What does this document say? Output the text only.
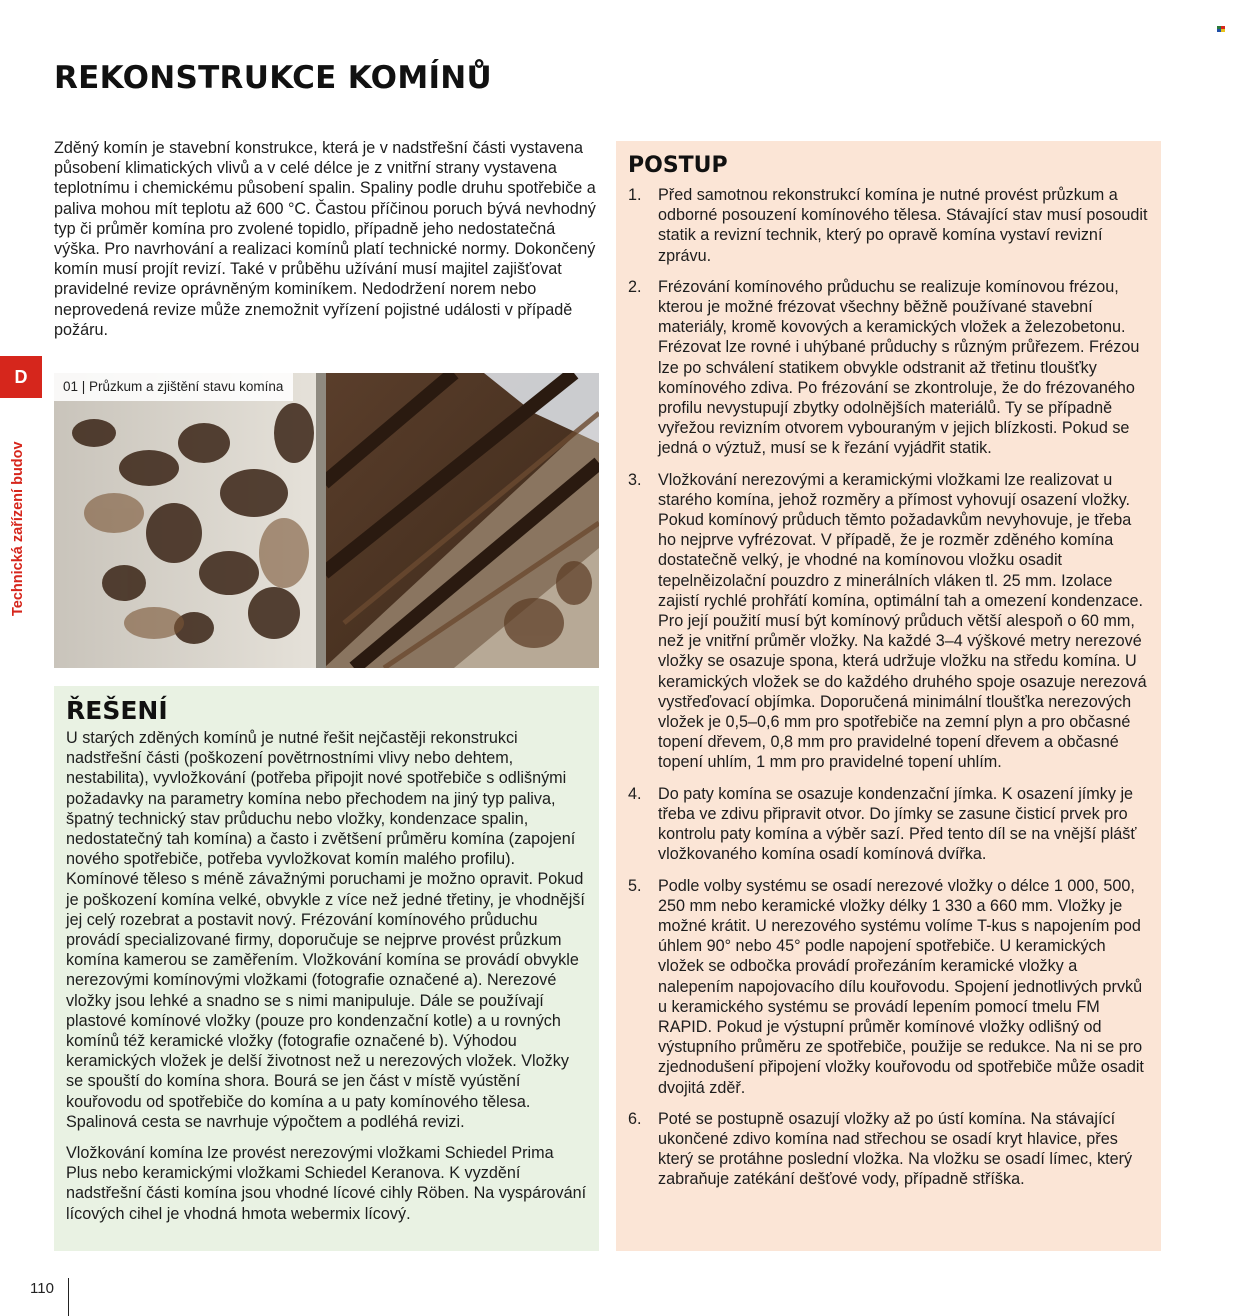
REKONSTRUKCE KOMÍNŮ

Zděný komín je stavební konstrukce, která je v nadstřešní části vystavena působení klimatických vlivů a v celé délce je z vnitřní strany vystavena teplotnímu i chemickému působení spalin. Spaliny podle druhu spotřebiče a paliva mohou mít teplotu až 600 °C. Častou příčinou poruch bývá nevhodný typ či průměr komína pro zvolené topidlo, případně jeho nedostatečná výška. Pro navrhování a realizaci komínů platí technické normy. Dokončený komín musí projít revizí. Také v průběhu užívání musí majitel zajišťovat pravidelné revize oprávněným kominíkem. Nedodržení norem nebo neprovedená revize může znemožnit vyřízení pojistné události v případě požáru.

D
Technická zařízení budov
01 | Průzkum a zjištění stavu komína
ŘEŠENÍ

U starých zděných komínů je nutné řešit nejčastěji rekonstrukci nadstřešní části (poškození povětrnostními vlivy nebo dehtem, nestabilita), vyvložkování (potřeba připojit nové spotřebiče s odlišnými požadavky na parametry komína nebo přechodem na jiný typ paliva, špatný technický stav průduchu nebo vložky, kondenzace spalin, nedostatečný tah komína) a často i zvětšení průměru komína (zapojení nového spotřebiče, potřeba vyvložkovat komín malého profilu). Komínové těleso s méně závažnými poruchami je možno opravit. Pokud je poškození komína velké, obvykle z více než jedné třetiny, je vhodnější jej celý rozebrat a postavit nový. Frézování komínového průduchu provádí specializované firmy, doporučuje se nejprve provést průzkum komína kamerou se zaměřením. Vložkování komína se provádí obvykle nerezovými komínovými vložkami (fotografie označené a). Nerezové vložky jsou lehké a snadno se s nimi manipuluje. Dále se používají plastové komínové vložky (pouze pro kondenzační kotle) a u rovných komínů též keramické vložky (fotografie označené b). Výhodou keramických vložek je delší životnost než u nerezových vložek. Vložky se spouští do komína shora. Bourá se jen část v místě vyústění kouřovodu od spotřebiče do komína a u paty komínového tělesa. Spalinová cesta se navrhuje výpočtem a podléhá revizi.

Vložkování komína lze provést nerezovými vložkami Schiedel Prima Plus nebo keramickými vložkami Schiedel Keranova. K vyzdění nadstřešní části komína jsou vhodné lícové cihly Röben. Na vyspárování lícových cihel je vhodná hmota webermix lícový.

POSTUP
1.	Před samotnou rekonstrukcí komína je nutné provést průzkum a odborné posouzení komínového tělesa. Stávající stav musí posoudit statik a revizní technik, který po opravě komína vystaví revizní zprávu.
2.	Frézování komínového průduchu se realizuje komínovou frézou, kterou je možné frézovat všechny běžně používané stavební materiály, kromě kovových a keramických vložek a železobetonu. Frézovat lze rovné i uhýbané průduchy s různým průřezem. Frézou lze po schválení statikem obvykle odstranit až třetinu tloušťky komínového zdiva. Po frézování se zkontroluje, že do frézovaného profilu nevystupují zbytky odolnějších materiálů. Ty se případně vyřežou revizním otvorem vybouraným v jejich blízkosti. Pokud se jedná o výztuž, musí se k řezání vyjádřit statik.
3.	Vložkování nerezovými a keramickými vložkami lze realizovat u starého komína, jehož rozměry a přímost vyhovují osazení vložky. Pokud komínový průduch těmto požadavkům nevyhovuje, je třeba ho nejprve vyfrézovat. V případě, že je rozměr zděného komína dostatečně velký, je vhodné na komínovou vložku osadit tepelněizolační pouzdro z minerálních vláken tl. 25 mm. Izolace zajistí rychlé prohřátí komína, optimální tah a omezení kondenzace. Pro její použití musí být komínový průduch větší alespoň o 60 mm, než je vnitřní průměr vložky. Na každé 3–4 výškové metry nerezové vložky se osazuje spona, která udržuje vložku na středu komína. U keramických vložek se do každého druhého spoje osazuje nerezová vystřeďovací objímka. Doporučená minimální tloušťka nerezových vložek je 0,5–0,6 mm pro spotřebiče na zemní plyn a pro občasné topení dřevem, 0,8 mm pro pravidelné topení dřevem a občasné topení uhlím, 1 mm pro pravidelné topení uhlím.
4.	Do paty komína se osazuje kondenzační jímka. K osazení jímky je třeba ve zdivu připravit otvor. Do jímky se zasune čisticí prvek pro kontrolu paty komína a výběr sazí. Před tento díl se na vnější plášť vložkovaného komína osadí komínová dvířka.
5.	Podle volby systému se osadí nerezové vložky o délce 1 000, 500, 250 mm nebo keramické vložky délky 1 330 a 660 mm. Vložky je možné krátit. U nerezového systému volíme T-kus s napojením pod úhlem 90° nebo 45° podle napojení spotřebiče. U keramických vložek se odbočka provádí prořezáním keramické vložky a nalepením napojovacího dílu kouřovodu. Spojení jednotlivých prvků u keramického systému se provádí lepením pomocí tmelu FM RAPID. Pokud je výstupní průměr komínové vložky odlišný od výstupního průměru ze spotřebiče, použije se redukce. Na ni se pro zjednodušení připojení vložky kouřovodu od spotřebiče může osadit dvojitá zděř.
6.	Poté se postupně osazují vložky až po ústí komína. Na stávající ukončené zdivo komína nad střechou se osadí kryt hlavice, přes který se protáhne poslední vložka. Na vložku se osadí límec, který zabraňuje zatékání dešťové vody, případně stříška.
110
